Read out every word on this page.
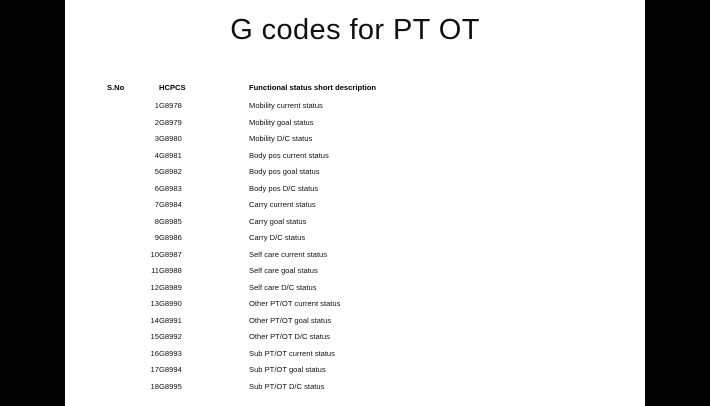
G codes for PT OT
S.No	HCPCS	Functional status short description
1	G8978	Mobility current status
2	G8979	Mobility goal status
3	G8980	Mobility D/C status
4	G8981	Body pos current status
5	G8982	Body pos goal status
6	G8983	Body pos D/C status
7	G8984	Carry current status
8	G8985	Carry goal status
9	G8986	Carry D/C status
10	G8987	Self care current status
11	G8988	Self care goal status
12	G8989	Self care D/C status
13	G8990	Other PT/OT current status
14	G8991	Other PT/OT goal status
15	G8992	Other PT/OT D/C status
16	G8993	Sub PT/OT current status
17	G8994	Sub PT/OT goal status
18	G8995	Sub PT/OT D/C status
